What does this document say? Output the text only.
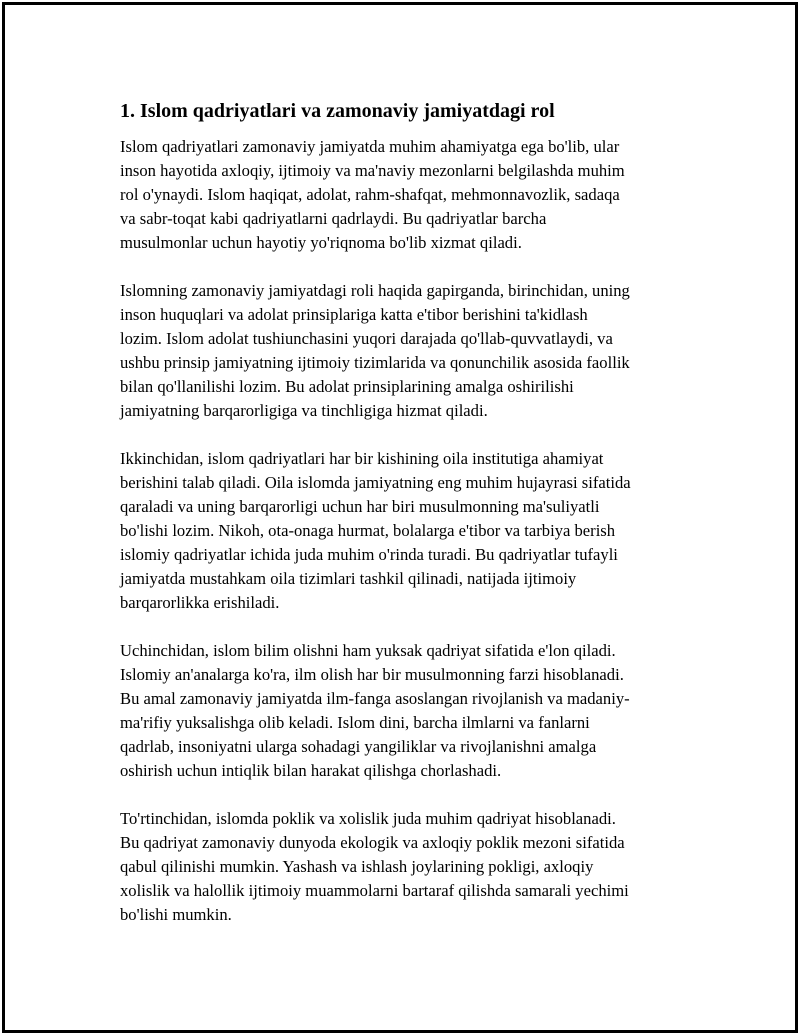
1. Islom qadriyatlari va zamonaviy jamiyatdagi rol

Islom qadriyatlari zamonaviy jamiyatda muhim ahamiyatga ega bo'lib, ular
inson hayotida axloqiy, ijtimoiy va ma'naviy mezonlarni belgilashda muhim
rol o'ynaydi. Islom haqiqat, adolat, rahm-shafqat, mehmonnavozlik, sadaqa
va sabr-toqat kabi qadriyatlarni qadrlaydi. Bu qadriyatlar barcha
musulmonlar uchun hayotiy yo'riqnoma bo'lib xizmat qiladi.

Islomning zamonaviy jamiyatdagi roli haqida gapirganda, birinchidan, uning
inson huquqlari va adolat prinsiplariga katta e'tibor berishini ta'kidlash
lozim. Islom adolat tushiunchasini yuqori darajada qo'llab-quvvatlaydi, va
ushbu prinsip jamiyatning ijtimoiy tizimlarida va qonunchilik asosida faollik
bilan qo'llanilishi lozim. Bu adolat prinsiplarining amalga oshirilishi
jamiyatning barqarorligiga va tinchligiga hizmat qiladi.

Ikkinchidan, islom qadriyatlari har bir kishining oila institutiga ahamiyat
berishini talab qiladi. Oila islomda jamiyatning eng muhim hujayrasi sifatida
qaraladi va uning barqarorligi uchun har biri musulmonning ma'suliyatli
bo'lishi lozim. Nikoh, ota-onaga hurmat, bolalarga e'tibor va tarbiya berish
islomiy qadriyatlar ichida juda muhim o'rinda turadi. Bu qadriyatlar tufayli
jamiyatda mustahkam oila tizimlari tashkil qilinadi, natijada ijtimoiy
barqarorlikka erishiladi.

Uchinchidan, islom bilim olishni ham yuksak qadriyat sifatida e'lon qiladi.
Islomiy an'analarga ko'ra, ilm olish har bir musulmonning farzi hisoblanadi.
Bu amal zamonaviy jamiyatda ilm-fanga asoslangan rivojlanish va madaniy-
ma'rifiy yuksalishga olib keladi. Islom dini, barcha ilmlarni va fanlarni
qadrlab, insoniyatni ularga sohadagi yangiliklar va rivojlanishni amalga
oshirish uchun intiqlik bilan harakat qilishga chorlashadi.

To'rtinchidan, islomda poklik va xolislik juda muhim qadriyat hisoblanadi.
Bu qadriyat zamonaviy dunyoda ekologik va axloqiy poklik mezoni sifatida
qabul qilinishi mumkin. Yashash va ishlash joylarining pokligi, axloqiy
xolislik va halollik ijtimoiy muammolarni bartaraf qilishda samarali yechimi
bo'lishi mumkin.
